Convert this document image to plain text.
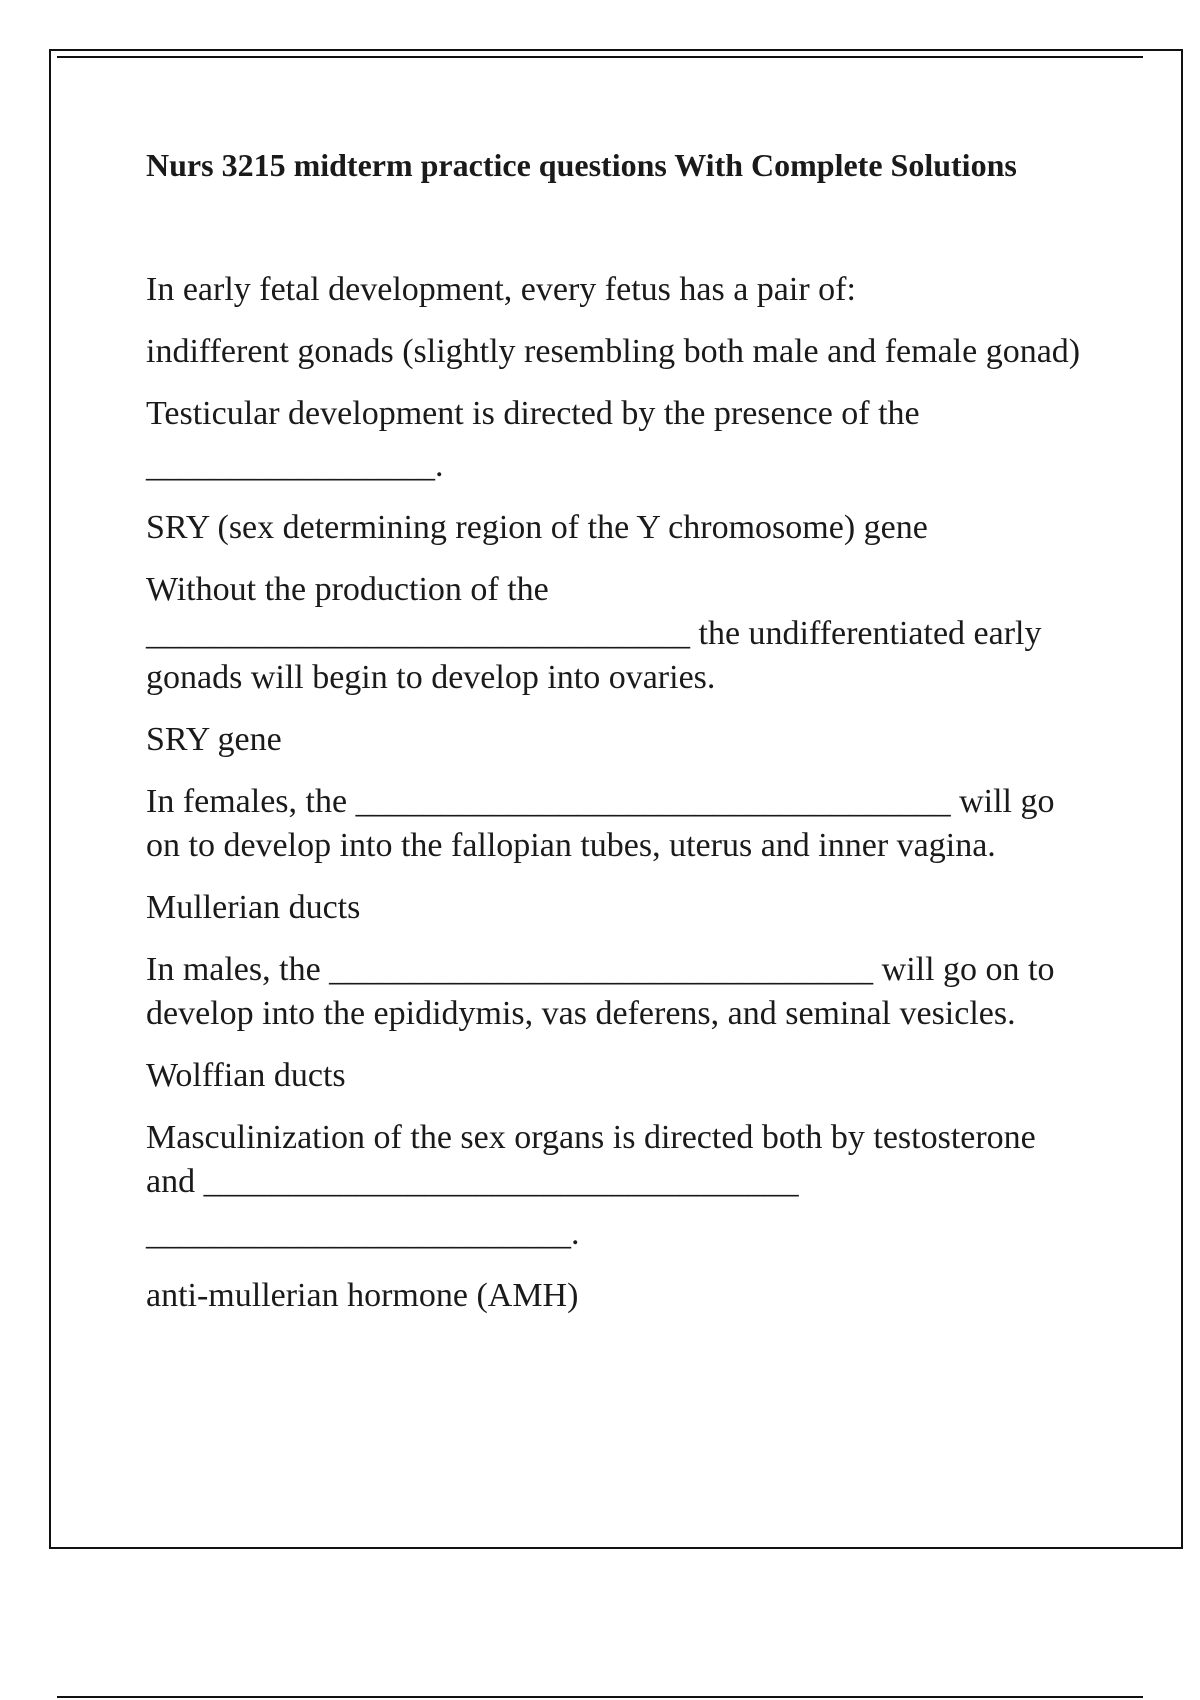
Nurs 3215 midterm practice questions With Complete Solutions
In early fetal development, every fetus has a pair of:
indifferent gonads (slightly resembling both male and female gonad)
Testicular development is directed by the presence of the
_________________.
SRY (sex determining region of the Y chromosome) gene
Without the production of the
________________________________ the undifferentiated early gonads will begin to develop into ovaries.
SRY gene
In females, the ___________________________________ will go on to develop into the fallopian tubes, uterus and inner vagina.
Mullerian ducts
In males, the ________________________________ will go on to develop into the epididymis, vas deferens, and seminal vesicles.
Wolffian ducts
Masculinization of the sex organs is directed both by testosterone and ___________________________________
_________________________.
anti-mullerian hormone (AMH)
